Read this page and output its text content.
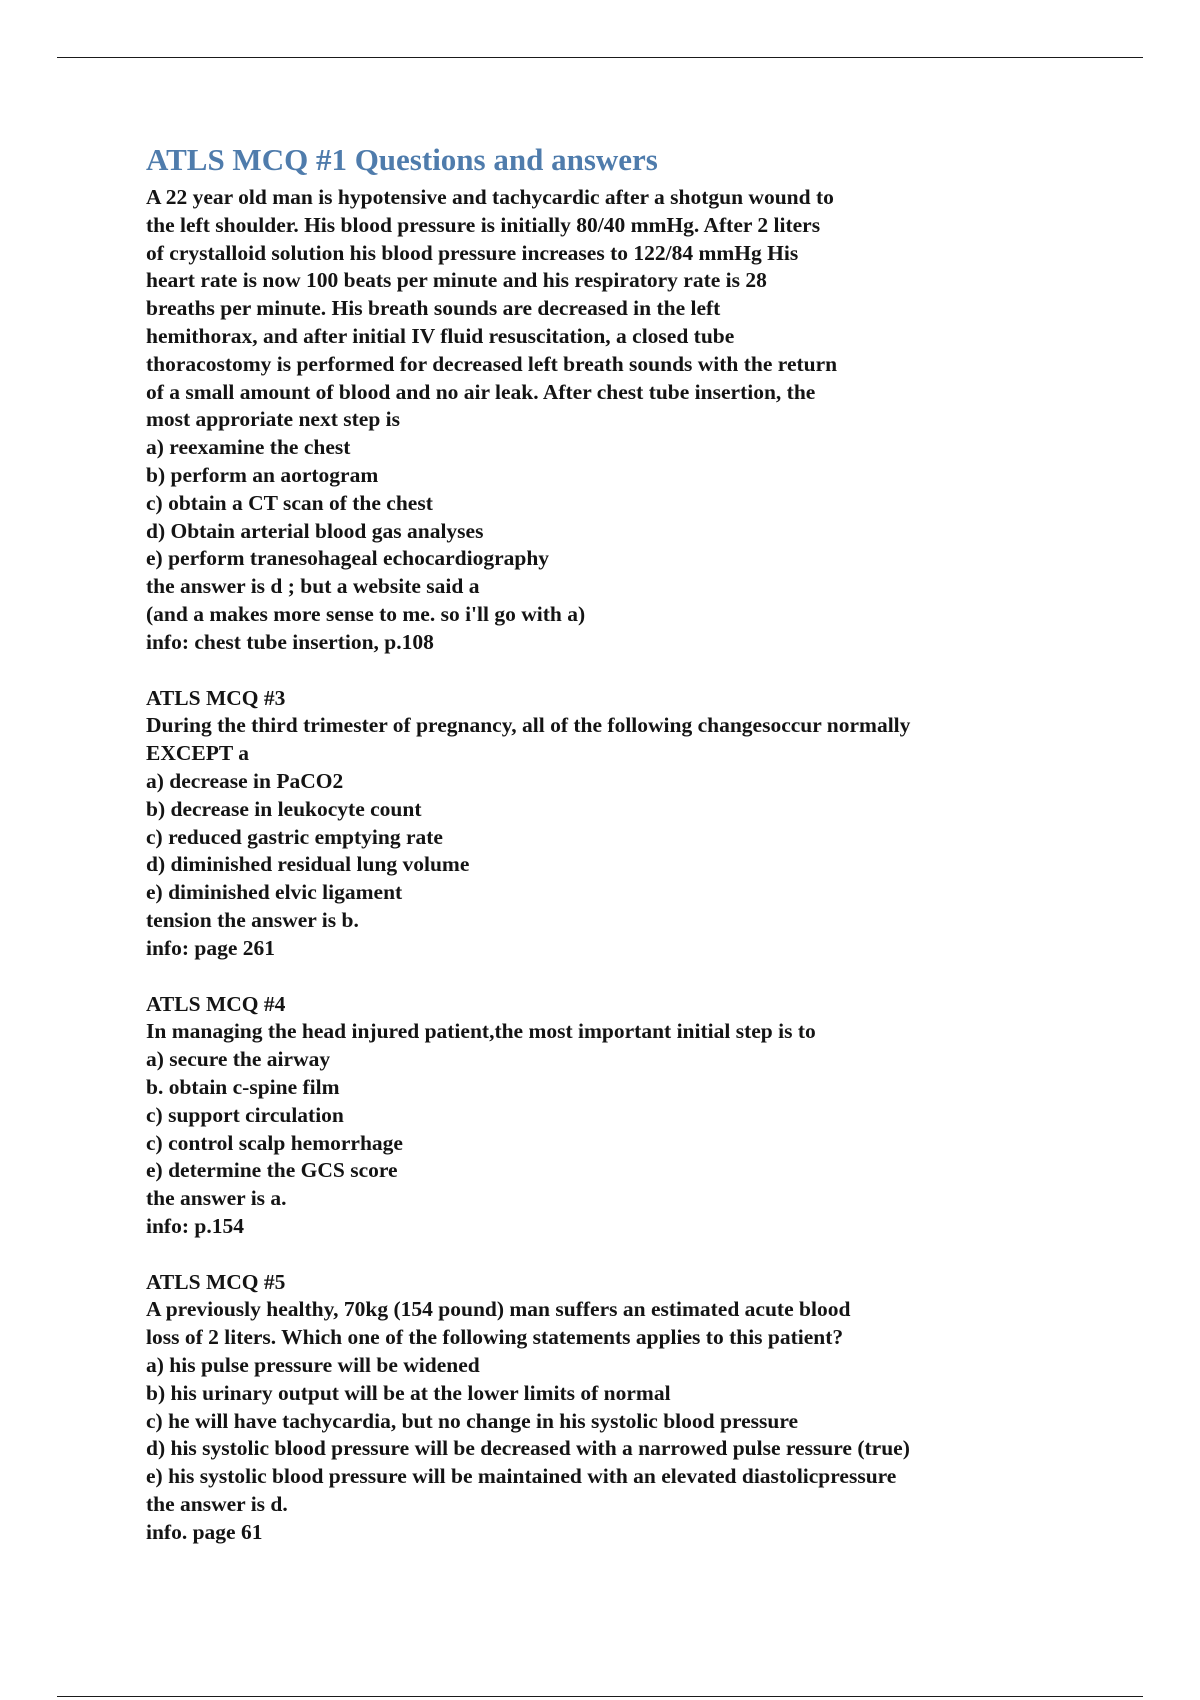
ATLS MCQ #1 Questions and answers

A 22 year old man is hypotensive and tachycardic after a shotgun wound to

the left shoulder. His blood pressure is initially 80/40 mmHg. After 2 liters

of crystalloid solution his blood pressure increases to 122/84 mmHg His

heart rate is now 100 beats per minute and his respiratory rate is 28

breaths per minute. His breath sounds are decreased in the left

hemithorax, and after initial IV fluid resuscitation, a closed tube

thoracostomy is performed for decreased left breath sounds with the return

of a small amount of blood and no air leak. After chest tube insertion, the

most approriate next step is

a) reexamine the chest

b) perform an aortogram

c) obtain a CT scan of the chest

d) Obtain arterial blood gas analyses

e) perform tranesohageal echocardiography

the answer is d ; but a website said a

(and a makes more sense to me. so i'll go with a)

info: chest tube insertion, p.108

ATLS MCQ #3

During the third trimester of pregnancy, all of the following changesoccur normally

EXCEPT a

a) decrease in PaCO2

b) decrease in leukocyte count

c) reduced gastric emptying rate

d) diminished residual lung volume

e) diminished elvic ligament

tension the answer is b.

info: page 261

ATLS MCQ #4

In managing the head injured patient,the most important initial step is to

a) secure the airway

b. obtain c-spine film

c) support circulation

c) control scalp hemorrhage

e) determine the GCS score

the answer is a.

info: p.154

ATLS MCQ #5

A previously healthy, 70kg (154 pound) man suffers an estimated acute blood

loss of 2 liters. Which one of the following statements applies to this patient?

a) his pulse pressure will be widened

b) his urinary output will be at the lower limits of normal

c) he will have tachycardia, but no change in his systolic blood pressure

d) his systolic blood pressure will be decreased with a narrowed pulse ressure (true)

e) his systolic blood pressure will be maintained with an elevated diastolicpressure

the answer is d.

info. page 61
